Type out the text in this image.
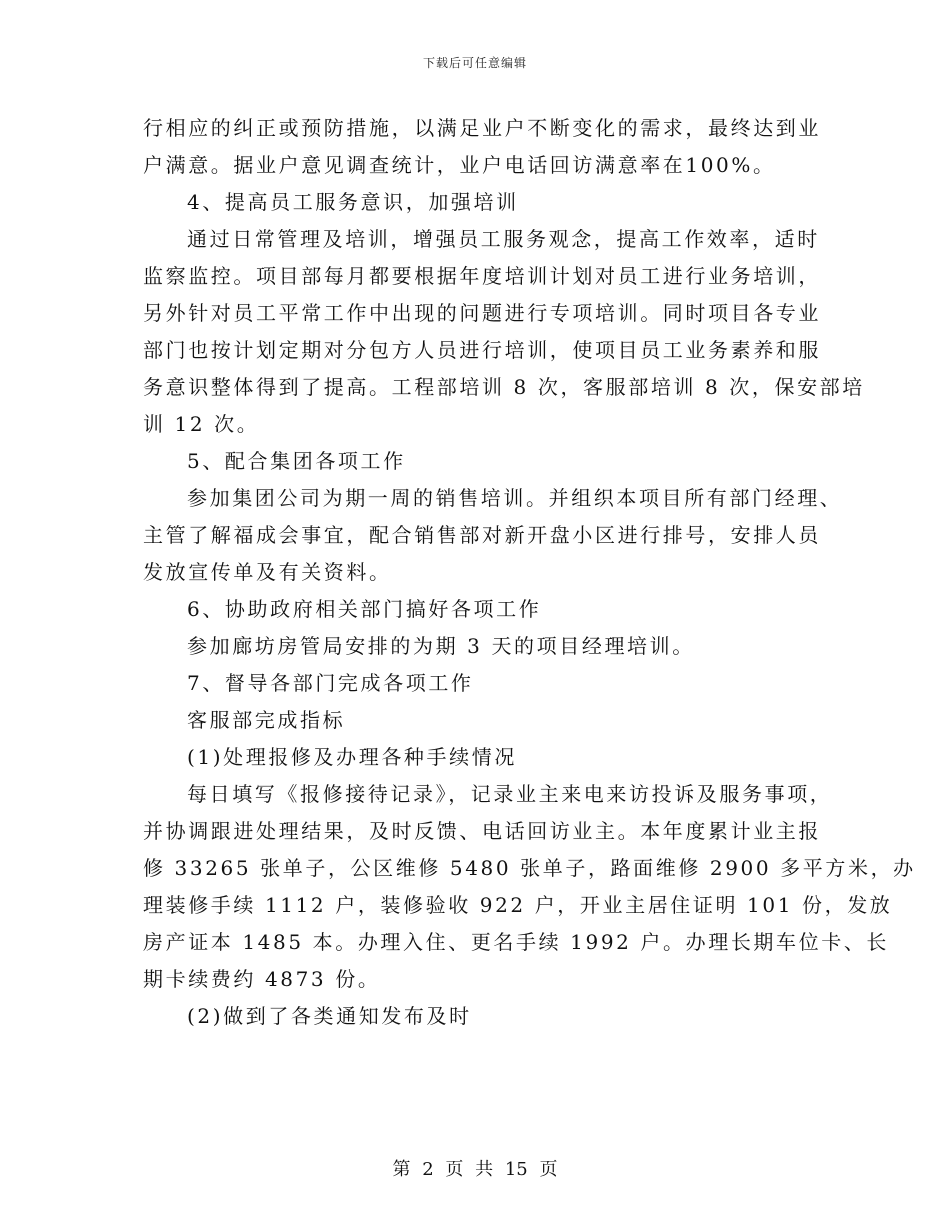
下载后可任意编辑

行相应的纠正或预防措施，以满足业户不断变化的需求，最终达到业

户满意。据业户意见调查统计，业户电话回访满意率在100%。

4、提高员工服务意识，加强培训

通过日常管理及培训，增强员工服务观念，提高工作效率，适时

监察监控。项目部每月都要根据年度培训计划对员工进行业务培训，

另外针对员工平常工作中出现的问题进行专项培训。同时项目各专业

部门也按计划定期对分包方人员进行培训，使项目员工业务素养和服

务意识整体得到了提高。工程部培训 8 次，客服部培训 8 次，保安部培

训 12 次。

5、配合集团各项工作

参加集团公司为期一周的销售培训。并组织本项目所有部门经理、

主管了解福成会事宜，配合销售部对新开盘小区进行排号，安排人员

发放宣传单及有关资料。

6、协助政府相关部门搞好各项工作

参加廊坊房管局安排的为期 3 天的项目经理培训。

7、督导各部门完成各项工作

客服部完成指标

(1)处理报修及办理各种手续情况

每日填写《报修接待记录》，记录业主来电来访投诉及服务事项，

并协调跟进处理结果，及时反馈、电话回访业主。本年度累计业主报

修 33265 张单子，公区维修 5480 张单子，路面维修 2900 多平方米，办

理装修手续 1112 户，装修验收 922 户，开业主居住证明 101 份，发放

房产证本 1485 本。办理入住、更名手续 1992 户。办理长期车位卡、长

期卡续费约 4873 份。

(2)做到了各类通知发布及时

第 2 页 共 15 页
